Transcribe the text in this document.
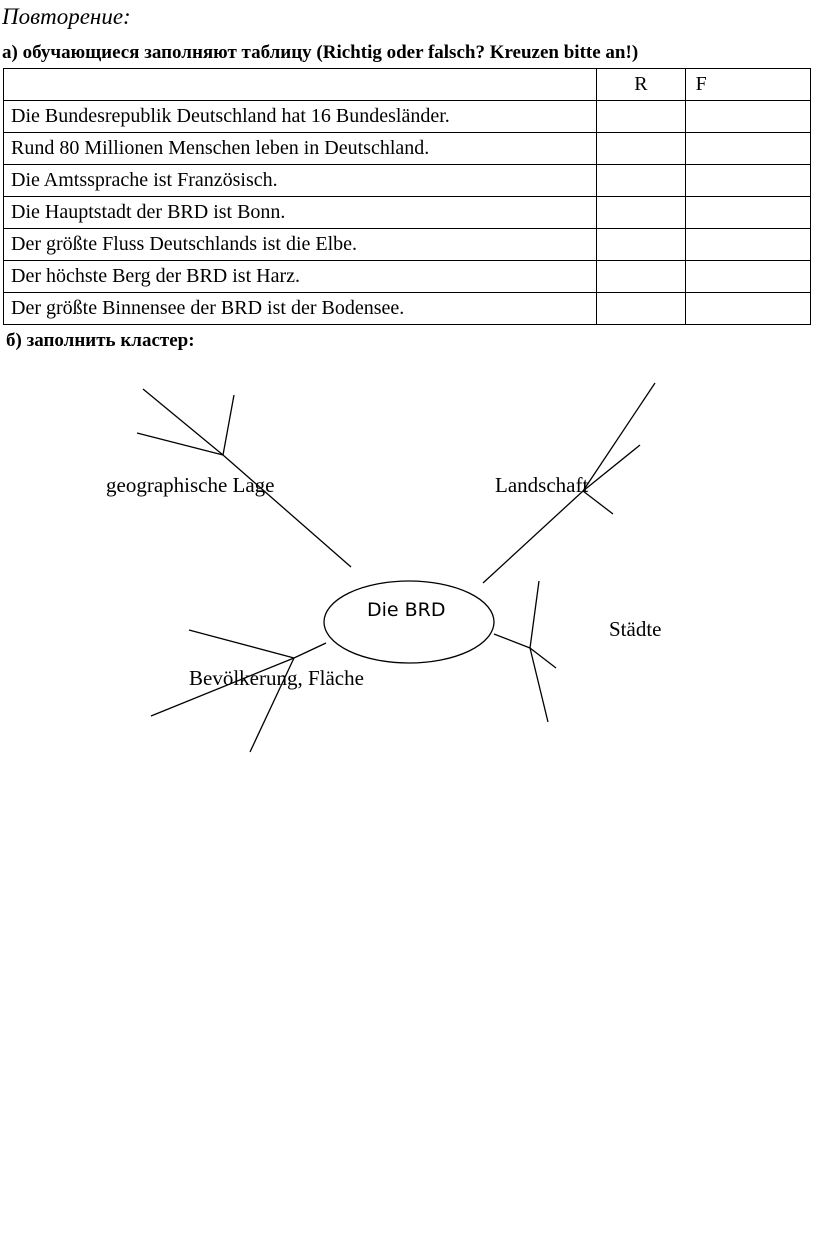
Повторение:
а) обучающиеся заполняют таблицу (Richtig oder falsch? Kreuzen bitte an!)
	R	F
Die Bundesrepublik Deutschland hat 16 Bundesländer.		
Rund 80 Millionen Menschen leben in Deutschland.		
Die Amtssprache ist Französisch.		
Die Hauptstadt der BRD ist Bonn.		
Der größte Fluss Deutschlands ist die Elbe.		
Der höchste Berg der BRD ist Harz.		
Der größte Binnensee der BRD ist der Bodensee.		
б) заполнить кластер:
Die BRD
geographische Lage	Landschaft
Städte
Bevölkerung, Fläche
